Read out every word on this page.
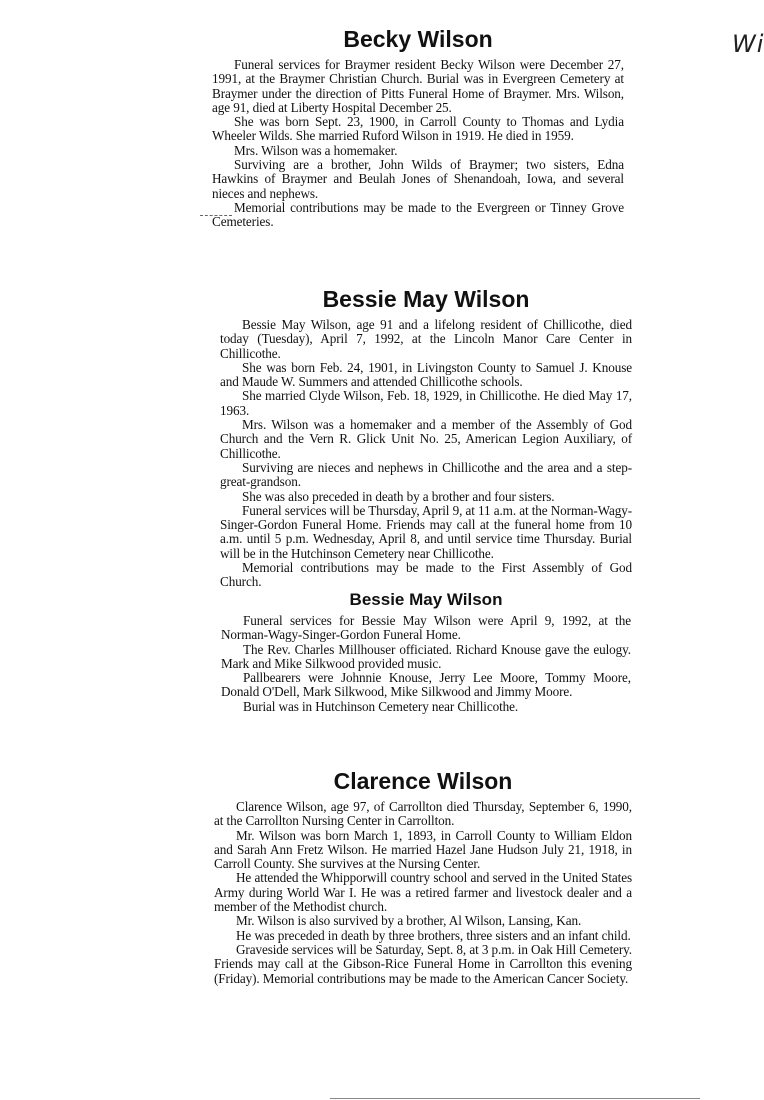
Wi
Becky Wilson

Funeral services for Braymer resident Becky Wilson were December 27, 1991, at the Braymer Christian Church. Burial was in Evergreen Cemetery at Braymer under the direction of Pitts Funeral Home of Braymer. Mrs. Wilson, age 91, died at Liberty Hospital December 25.

She was born Sept. 23, 1900, in Carroll County to Thomas and Lydia Wheeler Wilds. She married Ruford Wilson in 1919. He died in 1959.

Mrs. Wilson was a homemaker.

Surviving are a brother, John Wilds of Braymer; two sisters, Edna Hawkins of Braymer and Beulah Jones of Shenandoah, Iowa, and several nieces and nephews.

Memorial contributions may be made to the Evergreen or Tinney Grove Cemeteries.

Bessie May Wilson

Bessie May Wilson, age 91 and a lifelong resident of Chillicothe, died today (Tuesday), April 7, 1992, at the Lincoln Manor Care Center in Chillicothe.

She was born Feb. 24, 1901, in Livingston County to Samuel J. Knouse and Maude W. Summers and attended Chillicothe schools.

She married Clyde Wilson, Feb. 18, 1929, in Chillicothe. He died May 17, 1963.

Mrs. Wilson was a homemaker and a member of the Assembly of God Church and the Vern R. Glick Unit No. 25, American Legion Auxiliary, of Chillicothe.

Surviving are nieces and nephews in Chillicothe and the area and a step-great-grandson.

She was also preceded in death by a brother and four sisters.

Funeral services will be Thursday, April 9, at 11 a.m. at the Norman-Wagy-Singer-Gordon Funeral Home. Friends may call at the funeral home from 10 a.m. until 5 p.m. Wednesday, April 8, and until service time Thursday. Burial will be in the Hutchinson Cemetery near Chillicothe.

Memorial contributions may be made to the First Assembly of God Church.

Bessie May Wilson

Funeral services for Bessie May Wilson were April 9, 1992, at the Norman-Wagy-Singer-Gordon Funeral Home.

The Rev. Charles Millhouser officiated. Richard Knouse gave the eulogy. Mark and Mike Silkwood provided music.

Pallbearers were Johnnie Knouse, Jerry Lee Moore, Tommy Moore, Donald O'Dell, Mark Silkwood, Mike Silkwood and Jimmy Moore.

Burial was in Hutchinson Cemetery near Chillicothe.

Clarence Wilson

Clarence Wilson, age 97, of Carrollton died Thursday, September 6, 1990, at the Carrollton Nursing Center in Carrollton.

Mr. Wilson was born March 1, 1893, in Carroll County to William Eldon and Sarah Ann Fretz Wilson. He married Hazel Jane Hudson July 21, 1918, in Carroll County. She survives at the Nursing Center.

He attended the Whipporwill country school and served in the United States Army during World War I. He was a retired farmer and livestock dealer and a member of the Methodist church.

Mr. Wilson is also survived by a brother, Al Wilson, Lansing, Kan.

He was preceded in death by three brothers, three sisters and an infant child.

Graveside services will be Saturday, Sept. 8, at 3 p.m. in Oak Hill Cemetery. Friends may call at the Gibson-Rice Funeral Home in Carrollton this evening (Friday). Memorial contributions may be made to the American Cancer Society.
